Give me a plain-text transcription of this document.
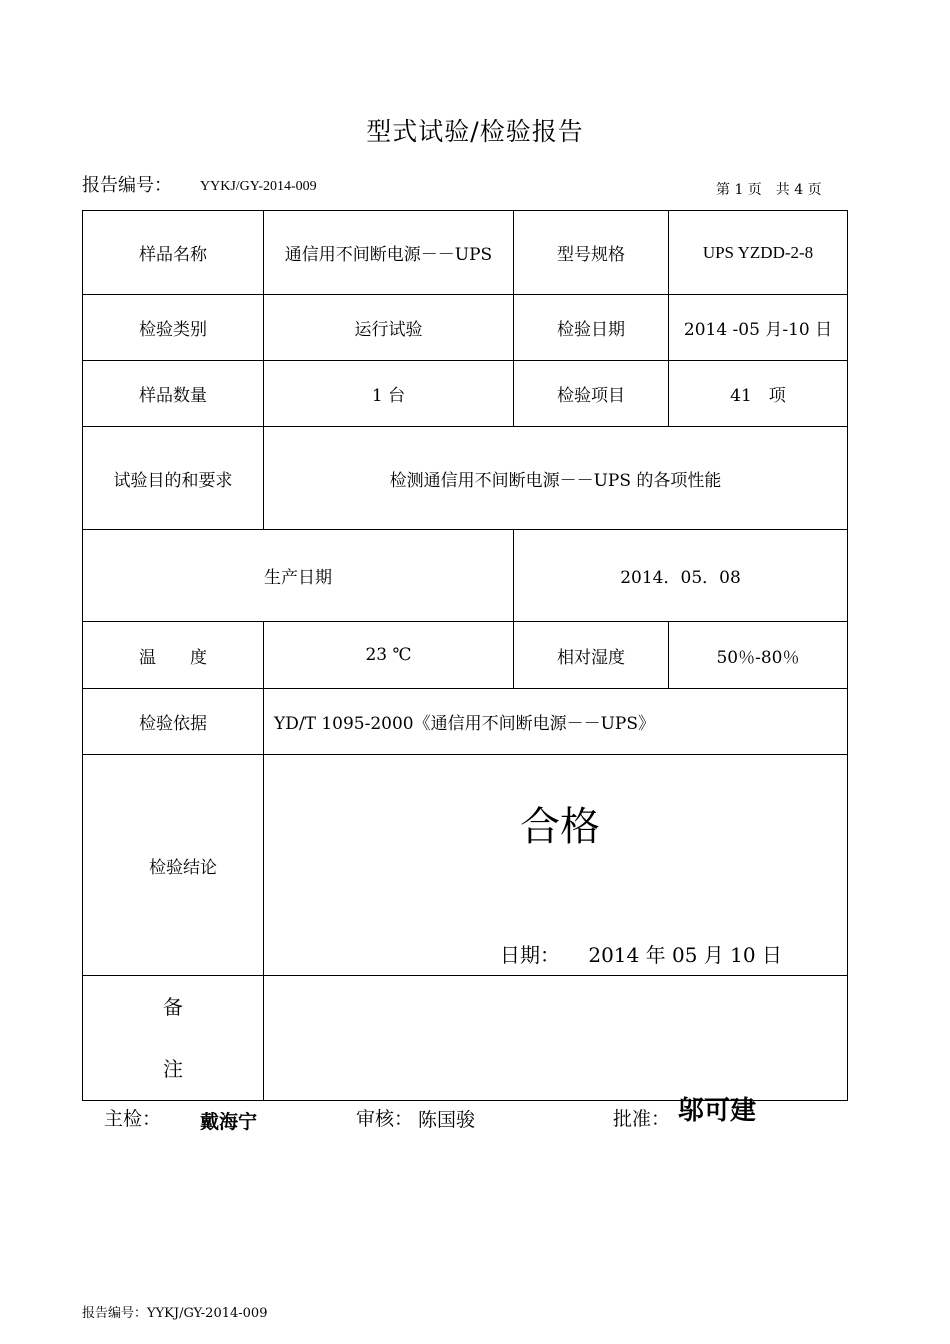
型式试验/检验报告
报告编号： YYKJ/GY-2014-009	第 1 页　共 4 页
样品名称	通信用不间断电源－－UPS	型号规格	UPS YZDD-2-8
检验类别	运行试验	检验日期	2014 -05 月-10 日
样品数量	1 台	检验项目	41　项
试验目的和要求	检测通信用不间断电源－－UPS 的各项性能		
生产日期		2014．05．08	
温　　度	23 ℃	相对湿度	50％-80％
检验依据	YD/T 1095-2000《通信用不间断电源－－UPS》		
检验结论	合格
日期： 2014 年 05 月 10 日		

备
注			

主检： 戴海宁	审核： 陈国骏	批准： 邬可建
报告编号：YYKJ/GY-2014-009
